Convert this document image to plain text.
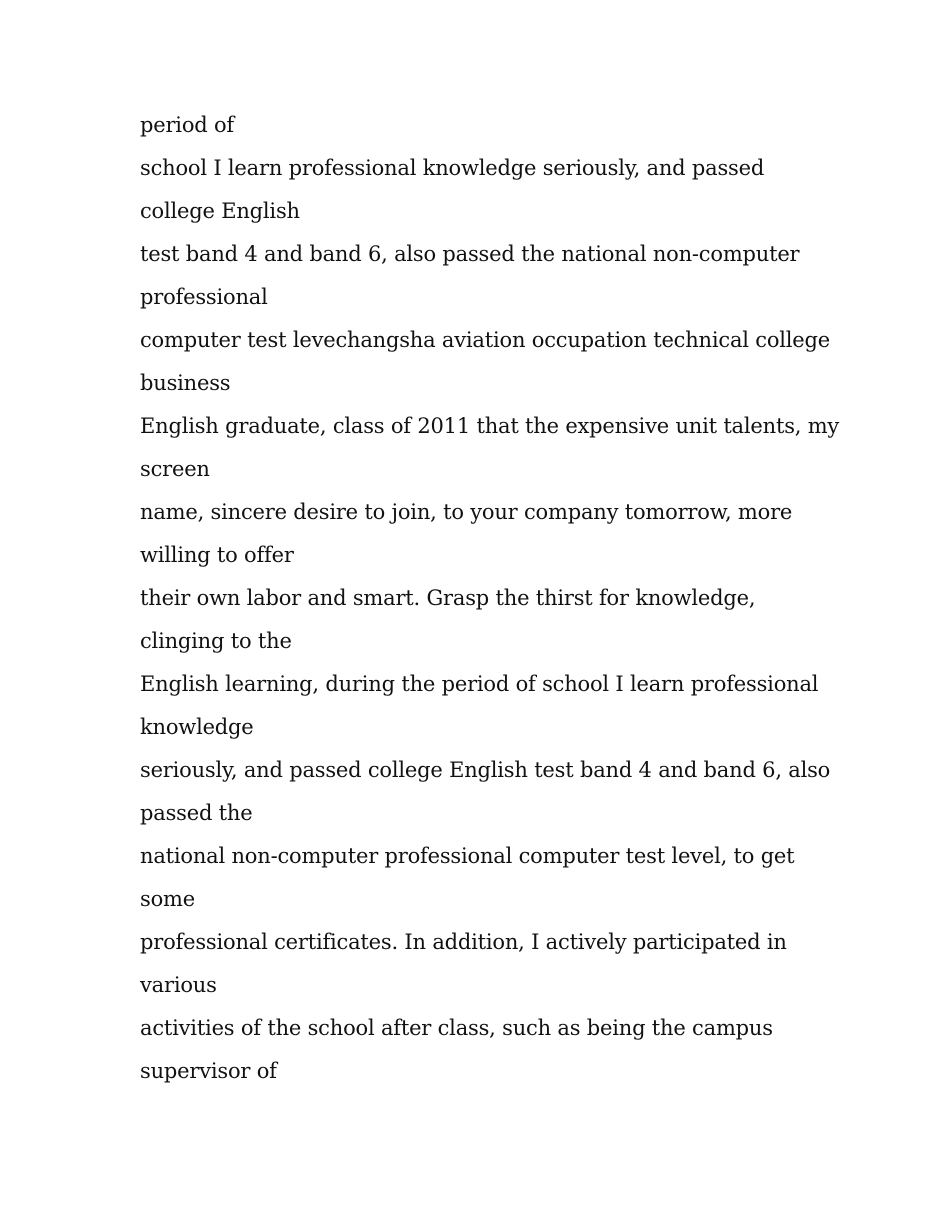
period of
school I learn professional knowledge seriously, and passed
college English
test band 4 and band 6, also passed the national non-computer
professional
computer test levechangsha aviation occupation technical college
business
English graduate, class of 2011 that the expensive unit talents, my
screen
name, sincere desire to join, to your company tomorrow, more
willing to offer
their own labor and smart. Grasp the thirst for knowledge,
clinging to the
English learning, during the period of school I learn professional
knowledge
seriously, and passed college English test band 4 and band 6, also
passed the
national non-computer professional computer test level, to get
some
professional certificates. In addition, I actively participated in
various
activities of the school after class, such as being the campus
supervisor of
